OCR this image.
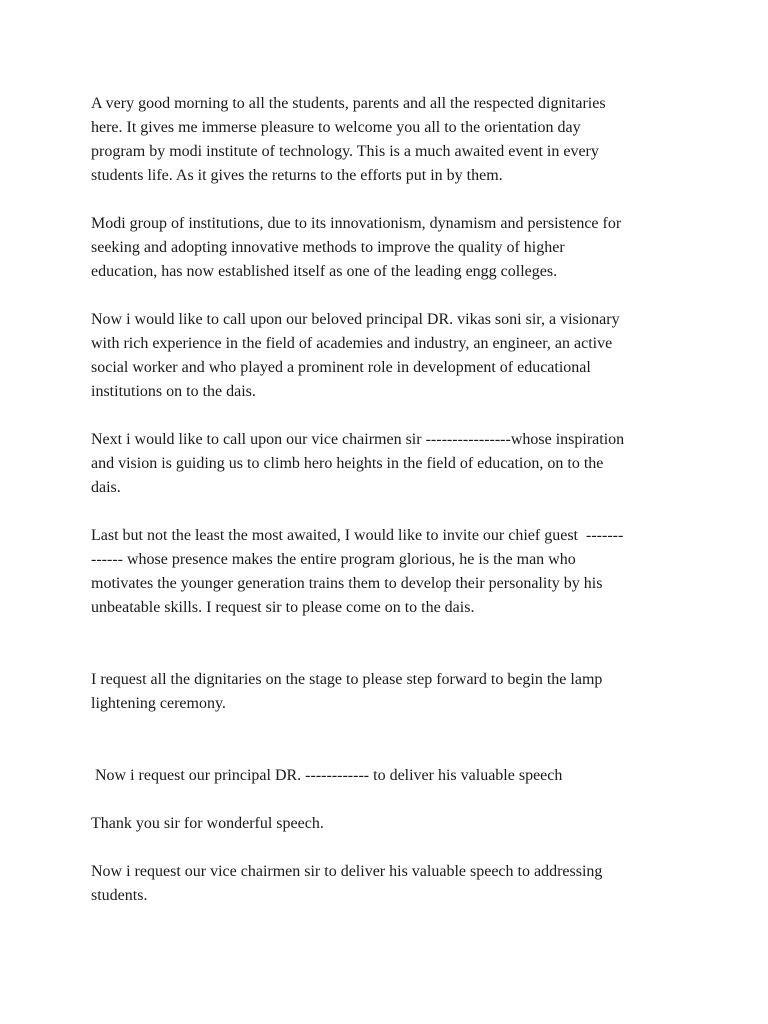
A very good morning to all the students, parents and all the respected dignitaries
here. It gives me immerse pleasure to welcome you all to the orientation day
program by modi institute of technology. This is a much awaited event in every
students life. As it gives the returns to the efforts put in by them.

Modi group of institutions, due to its innovationism, dynamism and persistence for
seeking and adopting innovative methods to improve the quality of higher
education, has now established itself as one of the leading engg colleges.

Now i would like to call upon our beloved principal DR. vikas soni sir, a visionary
with rich experience in the field of academies and industry, an engineer, an active
social worker and who played a prominent role in development of educational
institutions on to the dais.

Next i would like to call upon our vice chairmen sir ----------------whose inspiration
and vision is guiding us to climb hero heights in the field of education, on to the
dais.

Last but not the least the most awaited, I would like to invite our chief guest  -------
------ whose presence makes the entire program glorious, he is the man who
motivates the younger generation trains them to develop their personality by his
unbeatable skills. I request sir to please come on to the dais.

I request all the dignitaries on the stage to please step forward to begin the lamp
lightening ceremony.

Now i request our principal DR. ------------ to deliver his valuable speech

Thank you sir for wonderful speech.

Now i request our vice chairmen sir to deliver his valuable speech to addressing
students.
